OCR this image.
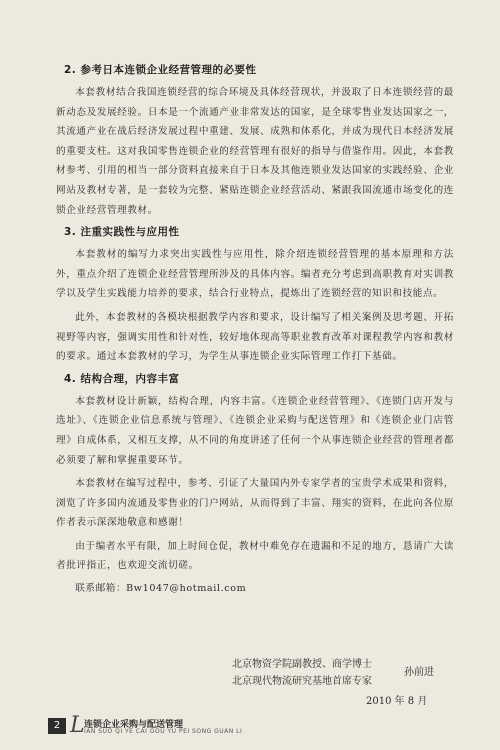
2. 参考日本连锁企业经营管理的必要性

本套教材结合我国连锁经营的综合环境及具体经营现状，并汲取了日本连锁经营的最新动态及发展经验。日本是一个流通产业非常发达的国家，是全球零售业发达国家之一，其流通产业在战后经济发展过程中重建、发展、成熟和体系化，并成为现代日本经济发展的重要支柱。这对我国零售连锁企业的经营管理有很好的指导与借鉴作用。因此，本套教材参考、引用的相当一部分资料直接来自于日本及其他连锁业发达国家的实践经验、企业网站及教材专著，是一套较为完整、紧贴连锁企业经营活动、紧跟我国流通市场变化的连锁企业经营管理教材。

3. 注重实践性与应用性

本套教材的编写力求突出实践性与应用性，除介绍连锁经营管理的基本原理和方法外，重点介绍了连锁企业经营管理所涉及的具体内容。编者充分考虑到高职教育对实训教学以及学生实践能力培养的要求，结合行业特点，提炼出了连锁经营的知识和技能点。

此外，本套教材的各模块根据教学内容和要求，设计编写了相关案例及思考题、开拓视野等内容，强调实用性和针对性，较好地体现高等职业教育改革对课程教学内容和教材的要求。通过本套教材的学习，为学生从事连锁企业实际管理工作打下基础。

4. 结构合理，内容丰富

本套教材设计新颖，结构合理，内容丰富。《连锁企业经营管理》、《连锁门店开发与选址》、《连锁企业信息系统与管理》、《连锁企业采购与配送管理》和《连锁企业门店管理》自成体系，又相互支撑，从不同的角度讲述了任何一个从事连锁企业经营的管理者都必须要了解和掌握重要环节。

本套教材在编写过程中，参考、引证了大量国内外专家学者的宝贵学术成果和资料，浏览了许多国内流通及零售业的门户网站，从而得到了丰富、翔实的资料，在此向各位原作者表示深深地敬意和感谢！

由于编者水平有限，加上时间仓促，教材中难免存在遗漏和不足的地方，恳请广大读者批评指正，也欢迎交流切磋。

联系邮箱：Bw1047@hotmail.com

北京物资学院副教授、商学博士
北京现代物流研究基地首席专家
孙前进
2010 年 8 月
2 L 连锁企业采购与配送管理
IAN SUO QI YE CAI GOU YU PEI SONG GUAN LI
